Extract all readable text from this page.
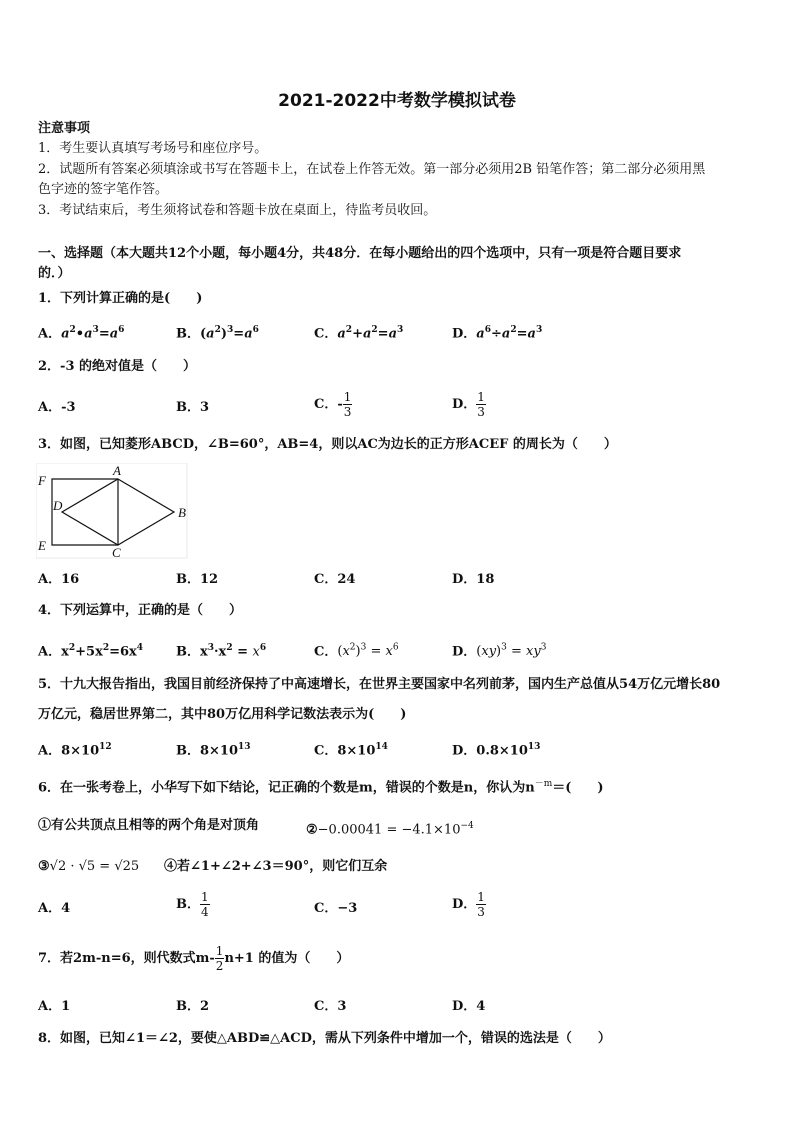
2021-2022中考数学模拟试卷
注意事项
1．考生要认真填写考场号和座位序号。
2．试题所有答案必须填涂或书写在答题卡上，在试卷上作答无效。第一部分必须用2B 铅笔作答；第二部分必须用黑
色字迹的签字笔作答。
3．考试结束后，考生须将试卷和答题卡放在桌面上，待监考员收回。
一、选择题（本大题共12个小题，每小题4分，共48分．在每小题给出的四个选项中，只有一项是符合题目要求
的．）
1．下列计算正确的是(　　)
A．$a^2•a^3=a^6$	B．$(a^2)^3=a^6$	C．$a^2+a^2=a^3$	D．$a^6\div a^2=a^3$
2．-3 的绝对值是（　　）
A．-3	B．3	C．- $\frac{1}{3}$	D． $\frac{1}{3}$
3．如图，已知菱形ABCD，∠B=60°，AB=4，则以AC为边长的正方形ACEF 的周长为（　　）
A
B
C
D
E
F
A．16	B．12	C．24	D．18
4．下列运算中，正确的是（　　）
A．$x^2+5x^2=6x^4$	B．$x^3\cdot x^2 = x^6$	C．$(x^2)^3 = x^6$	D．$(xy)^3 = xy^3$
5．十九大报告指出，我国目前经济保持了中高速增长，在世界主要国家中名列前茅，国内生产总值从54万亿元增长80
万亿元，稳居世界第二，其中80万亿用科学记数法表示为(　　)
A．$8\times 10^{12}$	B．$8\times 10^{13}$	C．$8\times 10^{14}$	D．$0.8\times 10^{13}$
6．在一张考卷上，小华写下如下结论，记正确的个数是m，错误的个数是n，你认为$n^{-m}=$(　　)
①有公共顶点且相等的两个角是对顶角	②−0.00041 = $-4.1\times 10^{-4}$
③√2 · √5 = √25 ④若∠1+∠2+∠3＝90°，则它们互余
A．4	B． $\frac{1}{4}$	C．−3	D． $\frac{1}{3}$
7．若2m-n=6，则代数式$m- \frac{1}{2} n+1$ 的值为（　　）
A．1	B．2	C．3	D．4
8．如图，已知∠1＝∠2，要使△ABD≌△ACD，需从下列条件中增加一个，错误的选法是（　　）
